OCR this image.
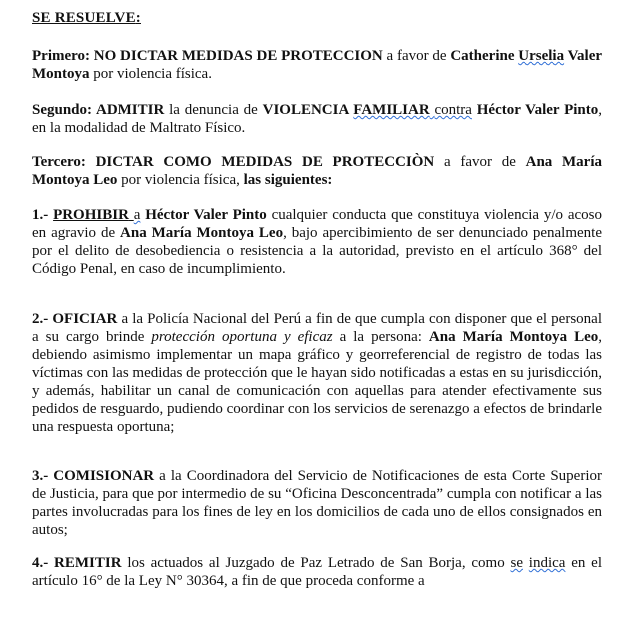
SE RESUELVE:
Primero: NO DICTAR MEDIDAS DE PROTECCION a favor de Catherine Urselia Valer Montoya por violencia física.
Segundo: ADMITIR la denuncia de VIOLENCIA FAMILIAR contra Héctor Valer Pinto, en la modalidad de Maltrato Físico.
Tercero: DICTAR COMO MEDIDAS DE PROTECCIÒN a favor de Ana María Montoya Leo por violencia física, las siguientes:
1.- PROHIBIR a Héctor Valer Pinto cualquier conducta que constituya violencia y/o acoso en agravio de Ana María Montoya Leo, bajo apercibimiento de ser denunciado penalmente por el delito de desobediencia o resistencia a la autoridad, previsto en el artículo 368° del Código Penal, en caso de incumplimiento.
2.- OFICIAR a la Policía Nacional del Perú a fin de que cumpla con disponer que el personal a su cargo brinde protección oportuna y eficaz a la persona: Ana María Montoya Leo, debiendo asimismo implementar un mapa gráfico y georreferencial de registro de todas las víctimas con las medidas de protección que le hayan sido notificadas a estas en su jurisdicción, y además, habilitar un canal de comunicación con aquellas para atender efectivamente sus pedidos de resguardo, pudiendo coordinar con los servicios de serenazgo a efectos de brindarle una respuesta oportuna;
3.- COMISIONAR a la Coordinadora del Servicio de Notificaciones de esta Corte Superior de Justicia, para que por intermedio de su “Oficina Desconcentrada” cumpla con notificar a las partes involucradas para los fines de ley en los domicilios de cada uno de ellos consignados en autos;
4.- REMITIR los actuados al Juzgado de Paz Letrado de San Borja, como se indica en el artículo 16° de la Ley N° 30364, a fin de que proceda conforme a
